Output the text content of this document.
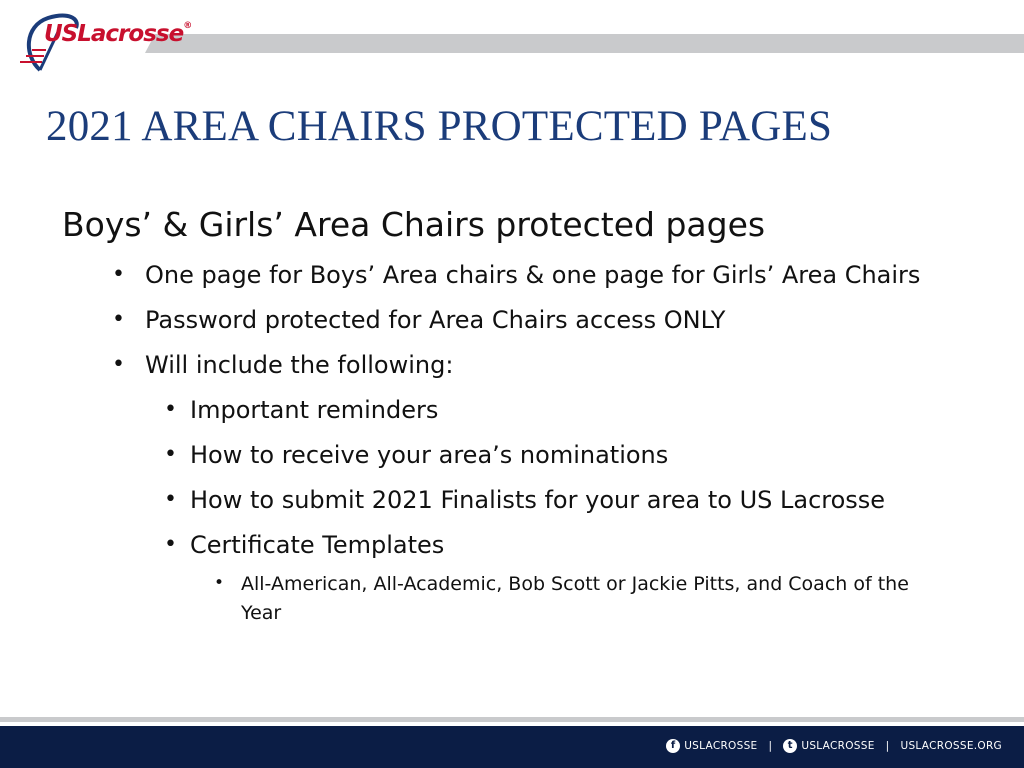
USLacrosse®
2021 AREA CHAIRS PROTECTED PAGES
Boys’ & Girls’ Area Chairs protected pages
• One page for Boys’ Area chairs & one page for Girls’ Area Chairs
• Password protected for Area Chairs access ONLY
• Will include the following:
• Important reminders
• How to receive your area’s nominations
• How to submit 2021 Finalists for your area to US Lacrosse
• Certificate Templates
• All-American, All-Academic, Bob Scott or Jackie Pitts, and Coach of the
Year
f USLACROSSE |	t USLACROSSE | USLACROSSE.ORG
